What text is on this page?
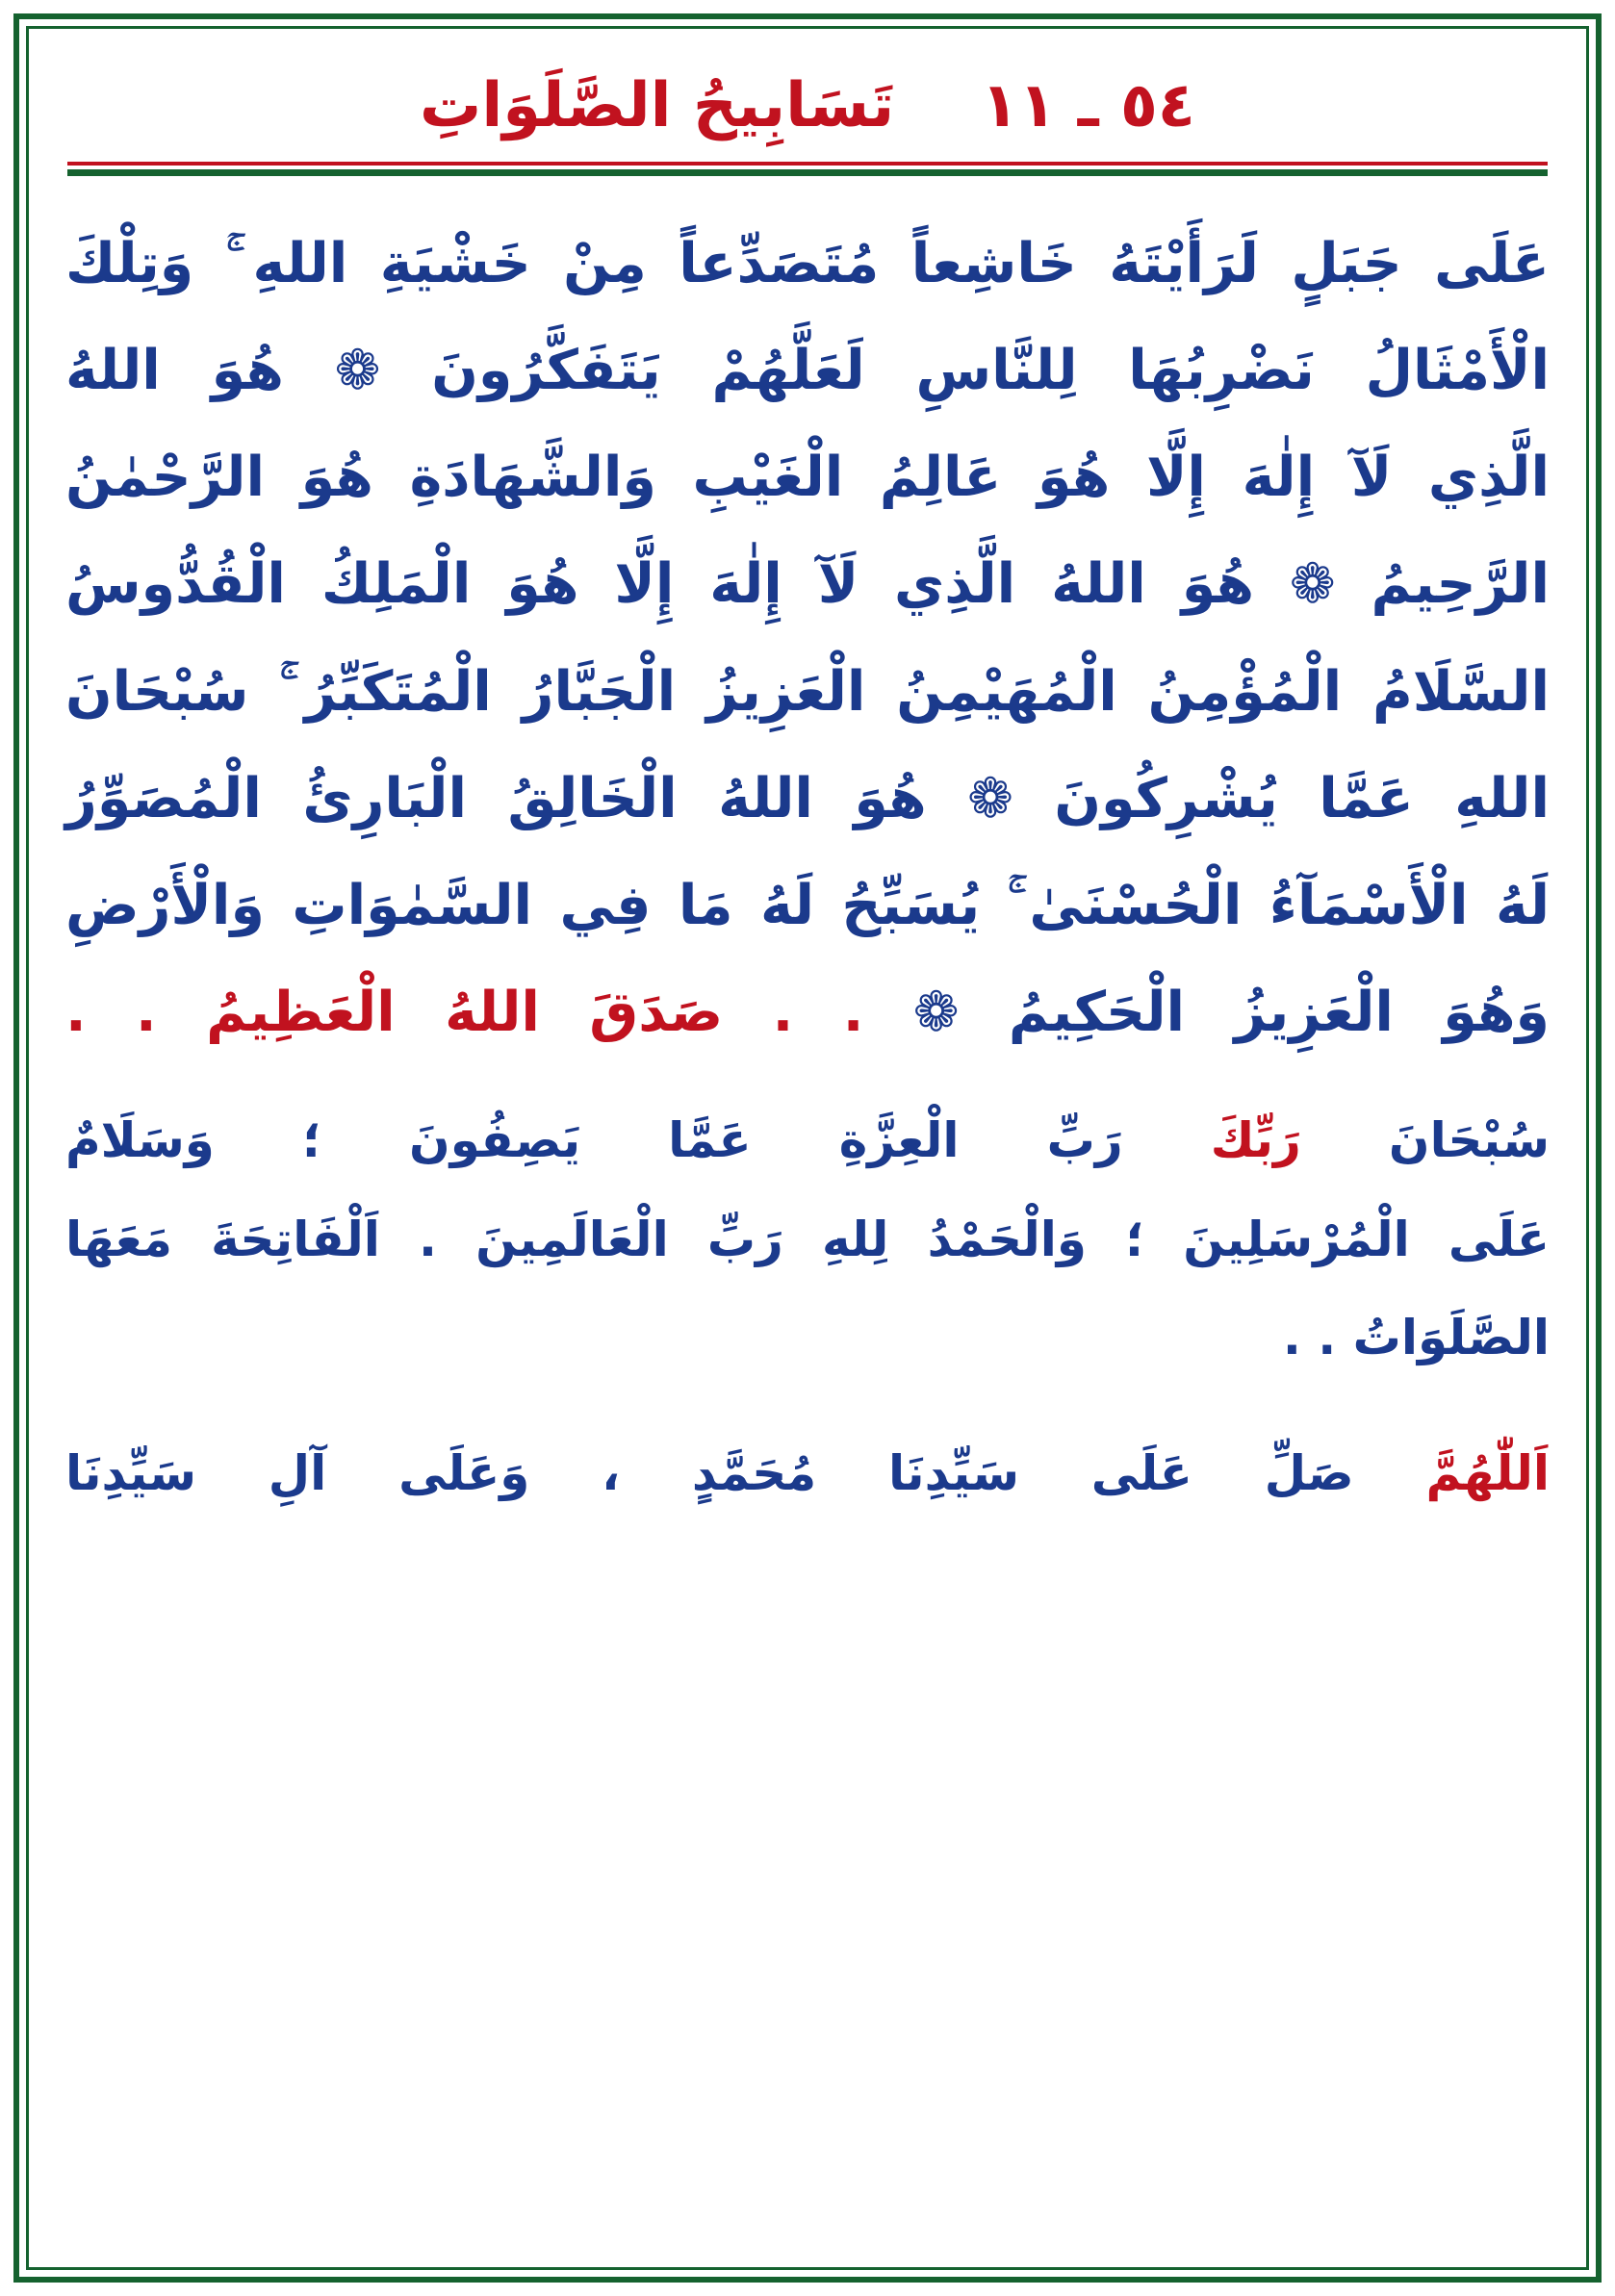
٥٤ ـ ١١
تَسَابِيحُ الصَّلَوَاتِ
عَلَى جَبَلٍ لَرَأَيْتَهُ خَاشِعاً مُتَصَدِّعاً مِنْ خَشْيَةِ اللهِ ۚ وَتِلْكَ
الْأَمْثَالُ نَضْرِبُهَا لِلنَّاسِ لَعَلَّهُمْ يَتَفَكَّرُونَ ❁ هُوَ اللهُ
الَّذِي لَآ إِلٰهَ إِلَّا هُوَ عَالِمُ الْغَيْبِ وَالشَّهَادَةِ هُوَ الرَّحْمٰنُ
الرَّحِيمُ ❁ هُوَ اللهُ الَّذِي لَآ إِلٰهَ إِلَّا هُوَ الْمَلِكُ الْقُدُّوسُ
السَّلَامُ الْمُؤْمِنُ الْمُهَيْمِنُ الْعَزِيزُ الْجَبَّارُ الْمُتَكَبِّرُ ۚ سُبْحَانَ
اللهِ عَمَّا يُشْرِكُونَ ❁ هُوَ اللهُ الْخَالِقُ الْبَارِئُ الْمُصَوِّرُ
لَهُ الْأَسْمَآءُ الْحُسْنَىٰ ۚ يُسَبِّحُ لَهُ مَا فِي السَّمٰوَاتِ وَالْأَرْضِ
وَهُوَ الْعَزِيزُ الْحَكِيمُ ❁ . . صَدَقَ اللهُ الْعَظِيمُ . .
سُبْحَانَ رَبِّكَ رَبِّ الْعِزَّةِ عَمَّا يَصِفُونَ ؛ وَسَلَامٌ
عَلَى الْمُرْسَلِينَ ؛ وَالْحَمْدُ لِلهِ رَبِّ الْعَالَمِينَ . اَلْفَاتِحَةَ مَعَهَا
الصَّلَوَاتُ . .
اَللّٰهُمَّ صَلِّ عَلَى سَيِّدِنَا مُحَمَّدٍ ، وَعَلَى آلِ سَيِّدِنَا
